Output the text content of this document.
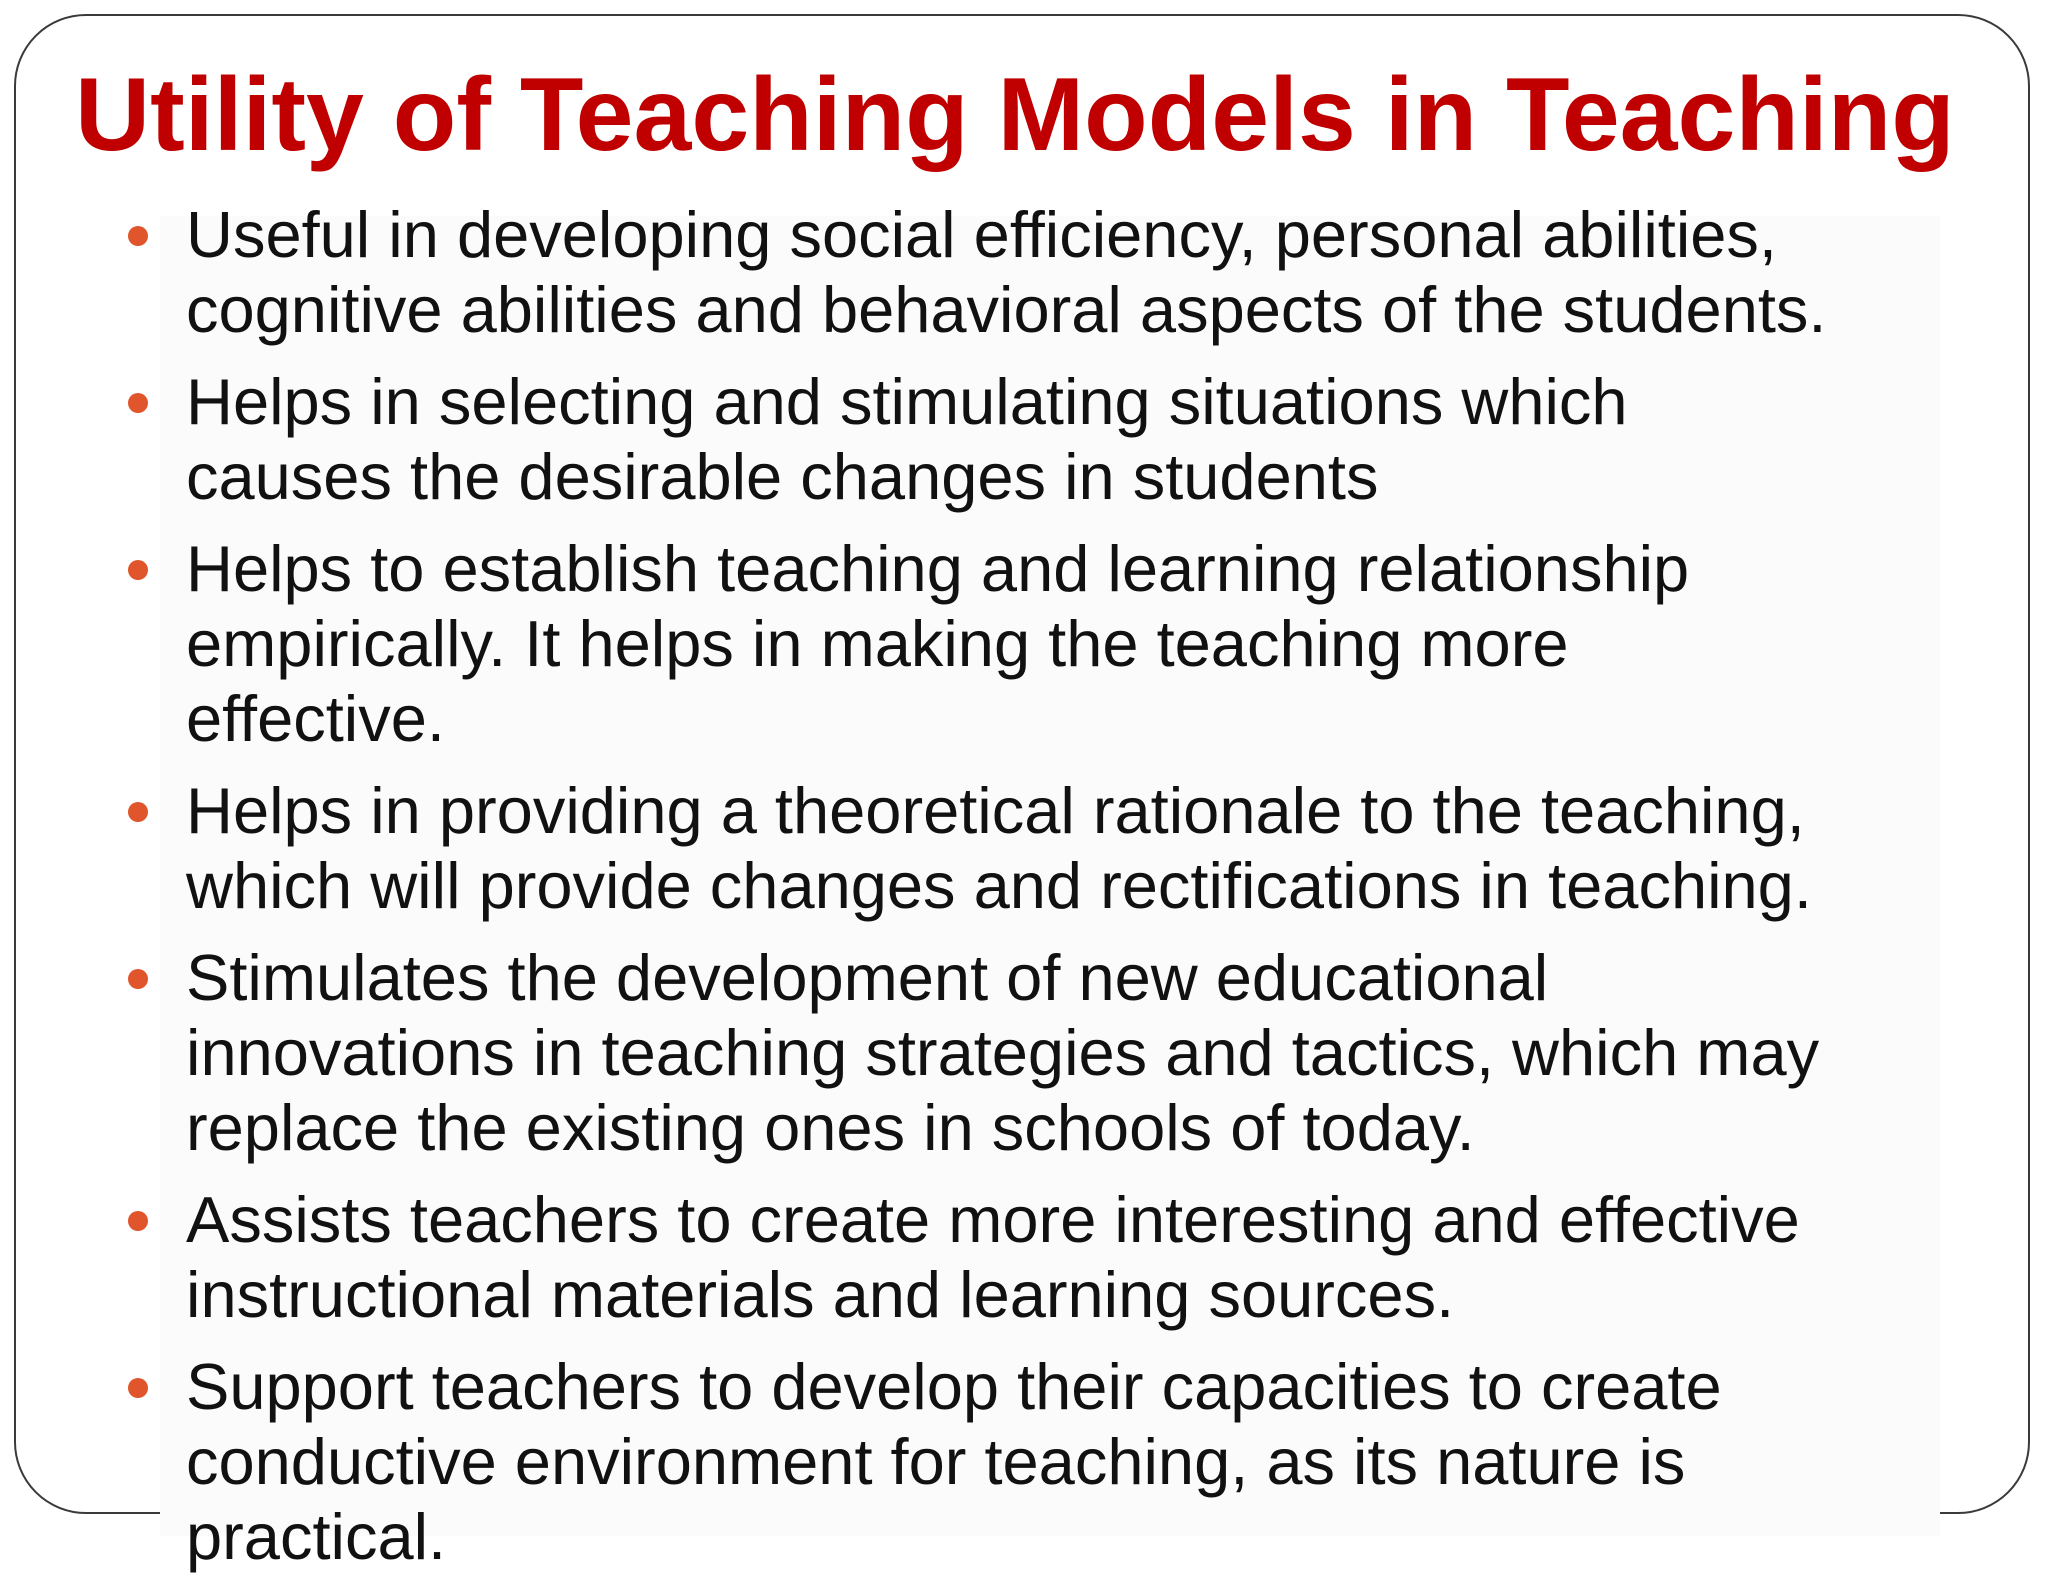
Utility of Teaching Models in Teaching
Useful in developing social efficiency, personal abilities,
cognitive abilities and behavioral aspects of the students.
Helps in selecting and stimulating situations which
causes the desirable changes in students
Helps to establish teaching and learning relationship
empirically. It helps in making the teaching more
effective.
Helps in providing a theoretical rationale to the teaching,
which will provide changes and rectifications in teaching.
Stimulates the development of new educational
innovations in teaching strategies and tactics, which may
replace the existing ones in schools of today.
Assists teachers to create more interesting and effective
instructional materials and learning sources.
Support teachers to develop their capacities to create
conductive environment for teaching, as its nature is
practical.
